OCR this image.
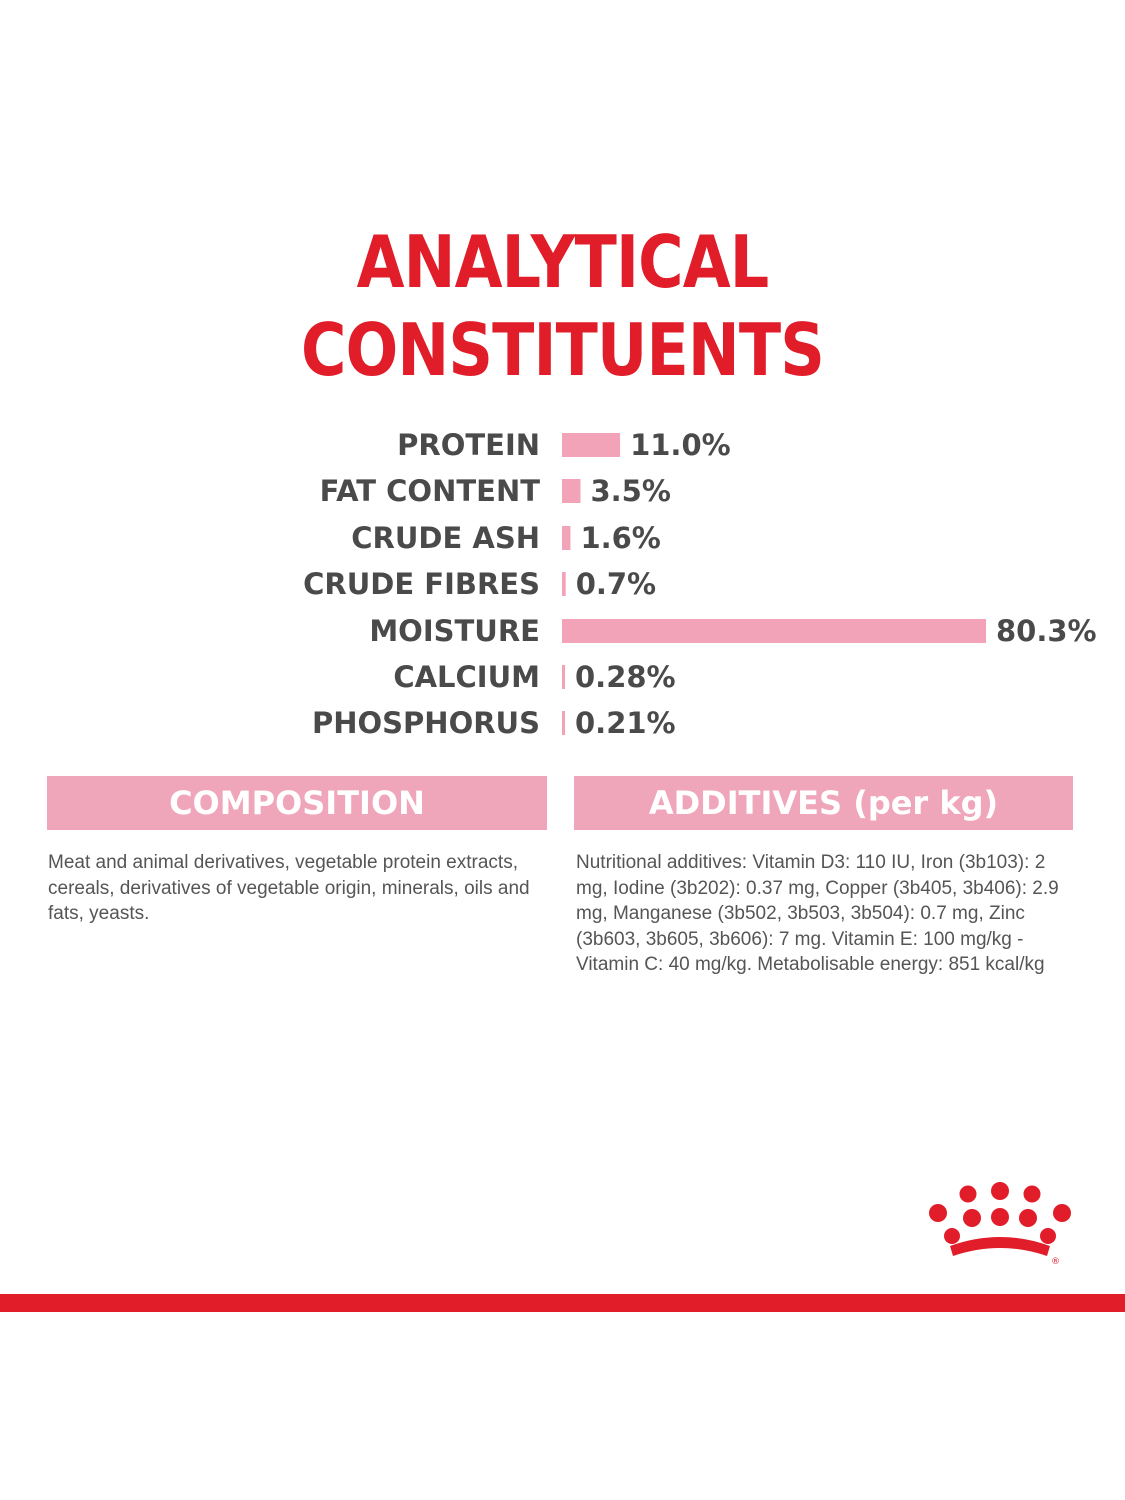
ANALYTICAL
CONSTITUENTS
PROTEIN	11.0%
FAT CONTENT 3.5%
CRUDE ASH 1.6%
CRUDE FIBRES 0.7%
MOISTURE	80.3%
CALCIUM 0.28%
PHOSPHORUS 0.21%
COMPOSITION	ADDITIVES (per kg)

Meat and animal derivatives, vegetable protein extracts, cereals, derivatives of vegetable origin, minerals, oils and fats, yeasts.

Nutritional additives: Vitamin D3: 110 IU, Iron (3b103): 2 mg, Iodine (3b202): 0.37 mg, Copper (3b405, 3b406): 2.9 mg, Manganese (3b502, 3b503, 3b504): 0.7 mg, Zinc (3b603, 3b605, 3b606): 7 mg. Vitamin E: 100 mg/kg - Vitamin C: 40 mg/kg. Metabolisable energy: 851 kcal/kg

®
